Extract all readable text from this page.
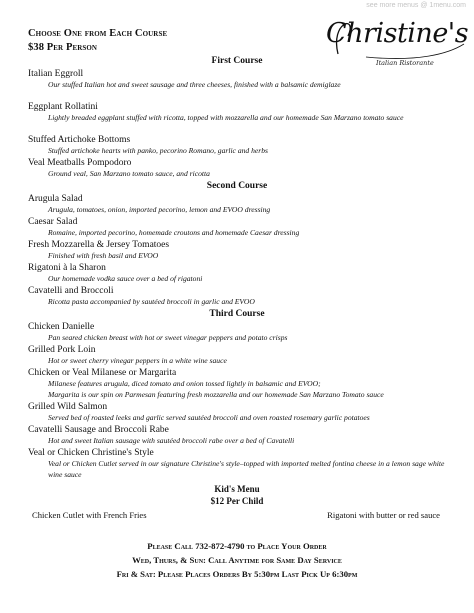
see more menus @ 1menu.com
Choose One from Each Course
$38 Per Person	Christine's
Italian Ristorante
First Course
Italian Eggroll
Our stuffed Italian hot and sweet sausage and three cheeses, finished with a balsamic demiglaze
Eggplant Rollatini
Lightly breaded eggplant stuffed with ricotta, topped with mozzarella and our homemade San Marzano tomato sauce
Stuffed Artichoke Bottoms
Stuffed artichoke hearts with panko, pecorino Romano, garlic and herbs
Veal Meatballs Pompodoro
Ground veal, San Marzano tomato sauce, and ricotta
Second Course
Arugula Salad
Arugula, tomatoes, onion, imported pecorino, lemon and EVOO dressing
Caesar Salad
Romaine, imported pecorino, homemade croutons and homemade Caesar dressing
Fresh Mozzarella & Jersey Tomatoes
Finished with fresh basil and EVOO
Rigatoni à la Sharon
Our homemade vodka sauce over a bed of rigatoni
Cavatelli and Broccoli
Ricotta pasta accompanied by sautéed broccoli in garlic and EVOO
Third Course
Chicken Danielle
Pan seared chicken breast with hot or sweet vinegar peppers and potato crisps
Grilled Pork Loin
Hot or sweet cherry vinegar peppers in a white wine sauce
Chicken or Veal Milanese or Margarita
Milanese features arugula, diced tomato and onion tossed lightly in balsamic and EVOO;
Margarita is our spin on Parmesan featuring fresh mozzarella and our homemade San Marzano Tomato sauce
Grilled Wild Salmon
Served bed of roasted leeks and garlic served sautéed broccoli and oven roasted rosemary garlic potatoes
Cavatelli Sausage and Broccoli Rabe
Hot and sweet Italian sausage with sautéed broccoli rabe over a bed of Cavatelli
Veal or Chicken Christine's Style
Veal or Chicken Cutlet served in our signature Christine's style–topped with imported melted fontina cheese in a lemon sage white wine sauce
Kid's Menu
$12 Per Child
Chicken Cutlet with French Fries	Rigatoni with butter or red sauce
Please Call 732-872-4790 to Place Your Order
Wed, Thurs, & Sun: Call Anytime for Same Day Service
Fri & Sat: Please Places Orders By 5:30pm Last Pick Up 6:30pm
